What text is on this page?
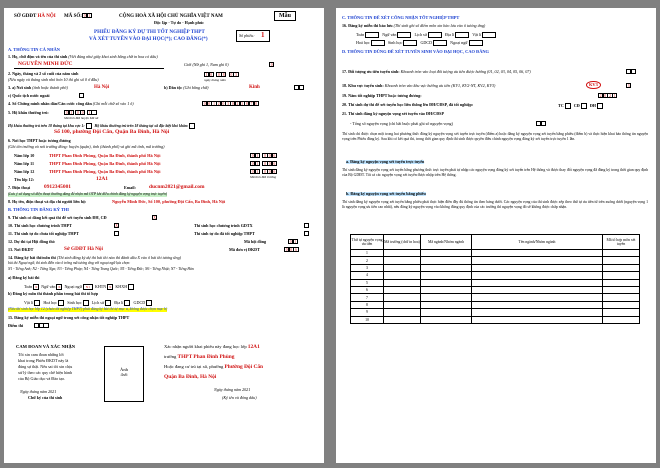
SỞ GDĐT HÀ NỘI MÃ SỐ: 0 1	CỘNG HOÀ XÃ HỘI CHỦ NGHĨA VIỆT NAM
Độc lập - Tự do - Hạnh phúc
Mẫu
PHIẾU ĐĂNG KÝ DỰ THI TỐT NGHIỆP THPT
VÀ XÉT TUYỂN VÀO ĐẠI HỌC(*); CAO ĐẲNG(*)
Số phiếu: 1
A. THÔNG TIN CÁ NHÂN
1. Họ, chữ đệm và tên của thí sinh (Viết đúng như giấy khai sinh bằng chữ in hoa có dấu)
NGUYỄN MINH ĐỨC	Giới (Nữ ghi 1, Nam ghi 0)	0
2. Ngày, tháng và 2 số cuối của năm sinh
(Nếu ngày và tháng sinh nhỏ hơn 10 thì ghi số 0 ở đầu)
1 0	0 8	0 3
ngày tháng năm
3. a) Nơi sinh (tỉnh hoặc thành phố)	Hà Nội	b) Dân tộc (Ghi bằng chữ)	Kinh
c) Quốc tịch nước ngoài
4. Số Chứng minh nhân dân/Căn cước công dân (Ghi mỗi chữ số vào 1 ô)	0 0 1 2 0 3 0 2 3 8 7 0
5. Hộ khẩu thường trú:	0 1	0 0	1
Mã tỉnh Mã huyện Mã xã
Hộ khẩu thường trú trên 18 tháng tại khu vực 1:	Hộ khẩu thường trú trên 18 tháng tại xã đặc biệt khó khăn:
Số 100, phường Đội Cấn, Quận Ba Đình, Hà Nội
6. Nơi học THPT hoặc tương đương
(Ghi tên trường và nơi trường đóng: huyện (quận), tỉnh (thành phố) và ghi mã tỉnh, mã trường)
Năm lớp 10	THPT Phan Đình Phùng, Quận Ba Đình, thành phố Hà Nội	0 1	0 0 6
Năm lớp 11	THPT Phan Đình Phùng, Quận Ba Đình, thành phố Hà Nội	0 1	0 0 6
Năm lớp 12	THPT Phan Đình Phùng, Quận Ba Đình, thành phố Hà Nội	0 1	0 0 6
Mã tỉnh Mã trường
Tên lớp 12:	12A1
7. Điện thoại	0912345001	Email: ducnm2021@gmail.com
(Lưu ý sử dụng số điện thoại thường dùng để nhận mã OTP khi điều chỉnh đăng ký nguyện vọng trực tuyến)
8. Họ tên, điện thoại và địa chỉ người liên hệ:	Nguyễn Minh Đức, Số 100, phường Đội Cấn, Ba Đình, Hà Nội
B. THÔNG TIN ĐĂNG KÝ THI
9. Thí sinh có đăng kết quả thi để xét tuyển sinh ĐH, CĐ	X
10. Thí sinh học chương trình THPT	X	Thí sinh học chương trình GDTX
11. Thí sinh tự do chưa tốt nghiệp THPT	Thí sinh tự do đã tốt nghiệp THPT
12. Dự thi tại Hội đồng thi:	Mã hội đồng	0 1
13. Nơi ĐKDT	Sở GDĐT Hà Nội	Mã đơn vị ĐKDT	0 0 6
14. Đăng ký bài thi/môn thi (Thí sinh đăng ký dự thi bài thi nào thì đánh dấu X vào ô bài thi tương ứng)
bài thi Ngoại ngữ, thí sinh điền vào ô trống mã tương ứng với ngoại ngữ lựa chọn:
N1 - Tiếng Anh; N2 - Tiếng Nga; N3 - Tiếng Pháp; N4 - Tiếng Trung Quốc; N5 - Tiếng Đức; N6 - Tiếng Nhật; N7 - Tiếng Hàn
a) Đăng ký bài thi
Toán X Ngữ văn X Ngoại ngữ N1 KHTN X KHXH
b) Đăng ký môn thi thành phần trong bài thi tổ hợp
Vật lí Hoá học Sinh học Lịch sử Địa lí GDCD
(Nếu thí sinh học lớp 12 (chưa tốt nghiệp THPT) phải đăng ký bài thi tự mục a, không được chọn mục b)
15. Đăng ký miễn thi ngoại ngữ trong xét công nhận tốt nghiệp THPT
Điểm thi
CAM ĐOAN VÀ XÁC NHẬN
Tôi xin cam đoan những lời
khai trong Phiếu ĐKDT này là
đúng sự thật. Nếu sai tôi xin chịu
xử lý theo các quy chế hiện hành
của Bộ Giáo dục và Đào tạo.
Ngày tháng năm 2021
Chữ ký của thí sinh
Ảnh
4x6
Xác nhận người khai phiếu này đang học lớp 12A1
trường THPT Phan Đình Phùng
Hoặc đang cư trú tại xã, phường Phường Đội Cấn
Quận Ba Đình, Hà Nội
Ngày tháng năm 2021
(Ký tên và đóng dấu)
C. THÔNG TIN ĐỂ XÉT CÔNG NHẬN TỐT NGHIỆP THPT
16. Đăng ký miễn thi bảo lưu (Thí sinh ghi số điểm môn xin bảo lưu vào ô tương ứng)
Toán	Ngữ văn	Lịch sử	Địa lí	Vật lí
Hoá học	Sinh học	GDCD	Ngoại ngữ
D. THÔNG TIN DÙNG ĐỂ XÉT TUYỂN SINH VÀO ĐẠI HỌC, CAO ĐẲNG
17. Đối tượng ưu tiên tuyển sinh: Khoanh tròn vào loại đối tượng ưu tiên được hưởng (01, 02, 03, 04, 05, 06, 07)
18. Khu vực tuyển sinh: Khoanh tròn vào khu vực hưởng ưu tiên (KV1, KV2-NT, KV2, KV3)	KV3	3
19. Năm tốt nghiệp THPT hoặc tương đương:	2 0 2 1
20. Thí sinh dự thi để xét tuyển học liên thông lên ĐH/CĐSP, đã tốt nghiệp:	TC CĐ ĐH
21. Thí sinh đăng ký nguyện vọng xét tuyển vào ĐH/CĐSP
- Tổng số nguyện vọng (chỉ bắt buộc phải ghi số nguyện vọng)
Thí sinh chỉ được chọn một trong hai phương thức đăng ký nguyện vọng xét tuyển trực tuyến (điểm a) hoặc đăng ký nguyện vọng xét tuyển bằng phiếu (điểm b) và thực hiện khai báo thông tin nguyện vọng trên Phiếu đăng ký. Sau khi có kết quả thi, trong thời gian quy định thí sinh được quyền điều chỉnh nguyện vọng đăng ký xét tuyển trực tuyến 1 lần.
a. Đăng ký nguyện vọng xét tuyển trực tuyến
Thí sinh đăng ký nguyện vọng xét tuyển bằng phương thức trực tuyến phải tự nhập các nguyện vọng đăng ký xét tuyển trên Hệ thống và được thay đổi nguyện vọng đã đăng ký trong thời gian quy định của Bộ GDĐT. Tất cả các nguyện vọng xét tuyển được nhập trên Hệ thống.
b. Đăng ký nguyện vọng xét tuyển bằng phiếu
Thí sinh đăng ký nguyện vọng xét tuyển bằng phiếu phải thực hiện điền đầy đủ thông tin theo bảng dưới. Các nguyện vọng của thí sinh được xếp theo thứ tự ưu tiên từ trên xuống dưới (nguyện vọng 1 là nguyện vọng ưu tiên cao nhất), nếu đăng ký nguyện vọng vào không đúng quy định của các trường thì nguyện vọng đó sẽ không được chấp nhận.
Thứ tự nguyện vọng ưu tiên	Mã trường (chữ in hoa)	Mã ngành/Nhóm ngành	Tên ngành/Nhóm ngành	Mã tổ hợp môn xét tuyển
1				
2				
3				
4				
5				
6				
7				
8				
9				
10				
